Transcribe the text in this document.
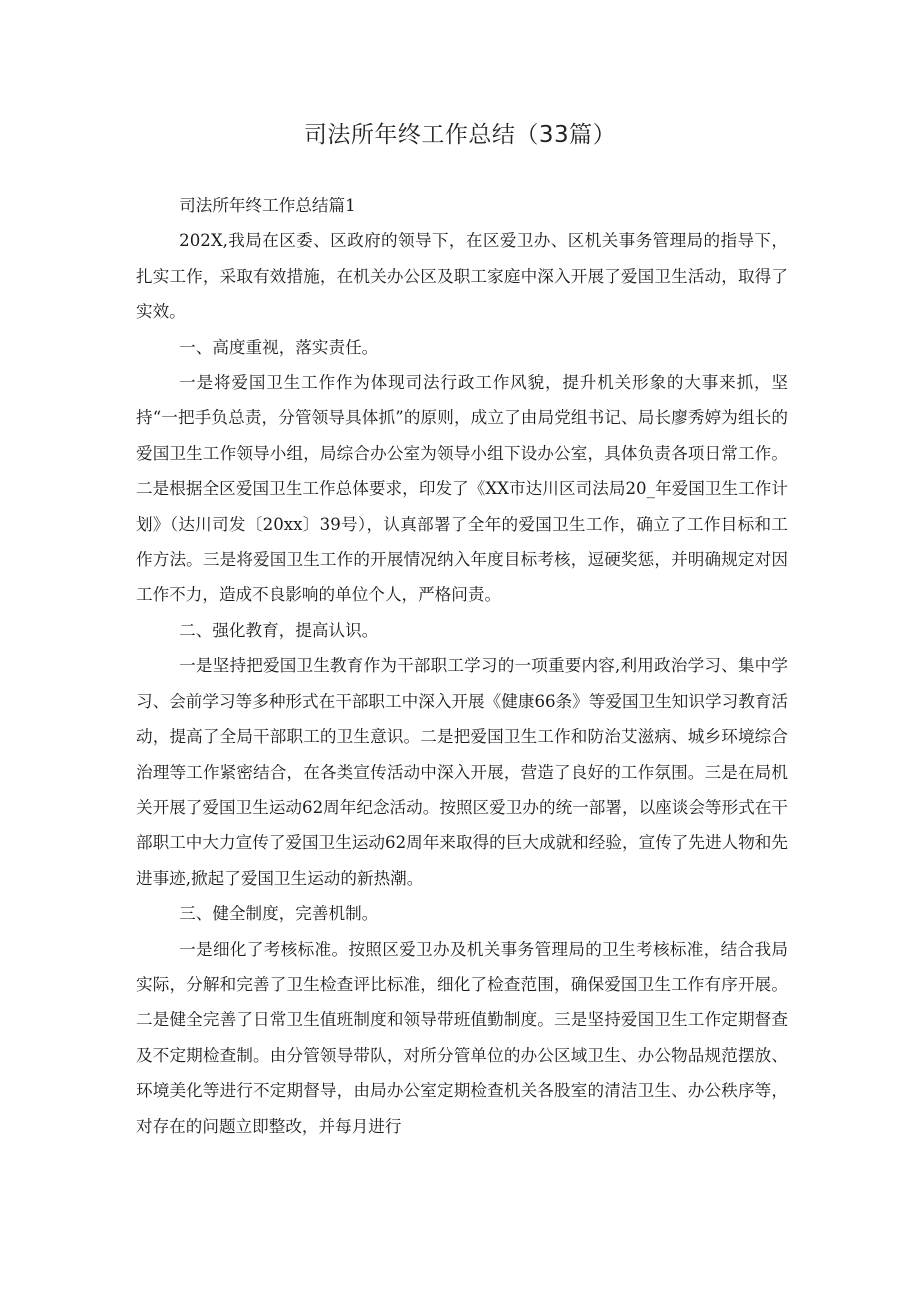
司法所年终工作总结（33篇）

司法所年终工作总结篇1

202X,我局在区委、区政府的领导下，在区爱卫办、区机关事务管理局的指导下，扎实工作，采取有效措施，在机关办公区及职工家庭中深入开展了爱国卫生活动，取得了实效。

一、高度重视，落实责任。

一是将爱国卫生工作作为体现司法行政工作风貌，提升机关形象的大事来抓，坚持“一把手负总责，分管领导具体抓”的原则，成立了由局党组书记、局长廖秀婷为组长的爱国卫生工作领导小组，局综合办公室为领导小组下设办公室，具体负责各项日常工作。二是根据全区爱国卫生工作总体要求，印发了《XX市达川区司法局20_年爱国卫生工作计划》（达川司发〔20xx〕39号），认真部署了全年的爱国卫生工作，确立了工作目标和工作方法。三是将爱国卫生工作的开展情况纳入年度目标考核，逗硬奖惩，并明确规定对因工作不力，造成不良影响的单位个人，严格问责。

二、强化教育，提高认识。

一是坚持把爱国卫生教育作为干部职工学习的一项重要内容,利用政治学习、集中学习、会前学习等多种形式在干部职工中深入开展《健康66条》等爱国卫生知识学习教育活动，提高了全局干部职工的卫生意识。二是把爱国卫生工作和防治艾滋病、城乡环境综合治理等工作紧密结合，在各类宣传活动中深入开展，营造了良好的工作氛围。三是在局机关开展了爱国卫生运动62周年纪念活动。按照区爱卫办的统一部署，以座谈会等形式在干部职工中大力宣传了爱国卫生运动62周年来取得的巨大成就和经验，宣传了先进人物和先进事迹,掀起了爱国卫生运动的新热潮。

三、健全制度，完善机制。

一是细化了考核标准。按照区爱卫办及机关事务管理局的卫生考核标准，结合我局实际，分解和完善了卫生检查评比标准，细化了检查范围，确保爱国卫生工作有序开展。二是健全完善了日常卫生值班制度和领导带班值勤制度。三是坚持爱国卫生工作定期督查及不定期检查制。由分管领导带队，对所分管单位的办公区域卫生、办公物品规范摆放、环境美化等进行不定期督导，由局办公室定期检查机关各股室的清洁卫生、办公秩序等，对存在的问题立即整改，并每月进行
